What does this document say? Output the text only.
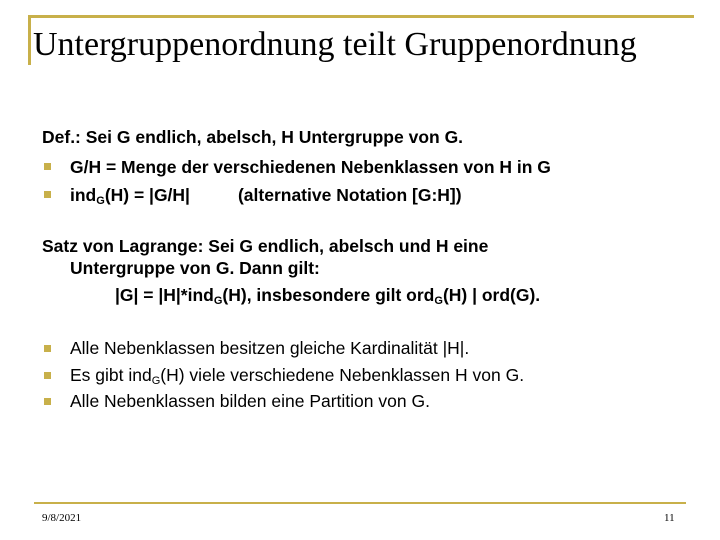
Untergruppenordnung teilt Gruppenordnung
Def.: Sei G endlich, abelsch, H Untergruppe von G.
G/H = Menge der verschiedenen Nebenklassen von H in G
ind$_G$(H) = |G/H|	(alternative Notation [G:H])
Satz von Lagrange: Sei G endlich, abelsch und H eine
Untergruppe von G. Dann gilt:
|G| = |H|*ind$_G$(H), insbesondere gilt ord$_G$(H) | ord(G).
Alle Nebenklassen besitzen gleiche Kardinalität |H|.
Es gibt ind$_G$(H) viele verschiedene Nebenklassen H von G.
Alle Nebenklassen bilden eine Partition von G.
9/8/2021	11
